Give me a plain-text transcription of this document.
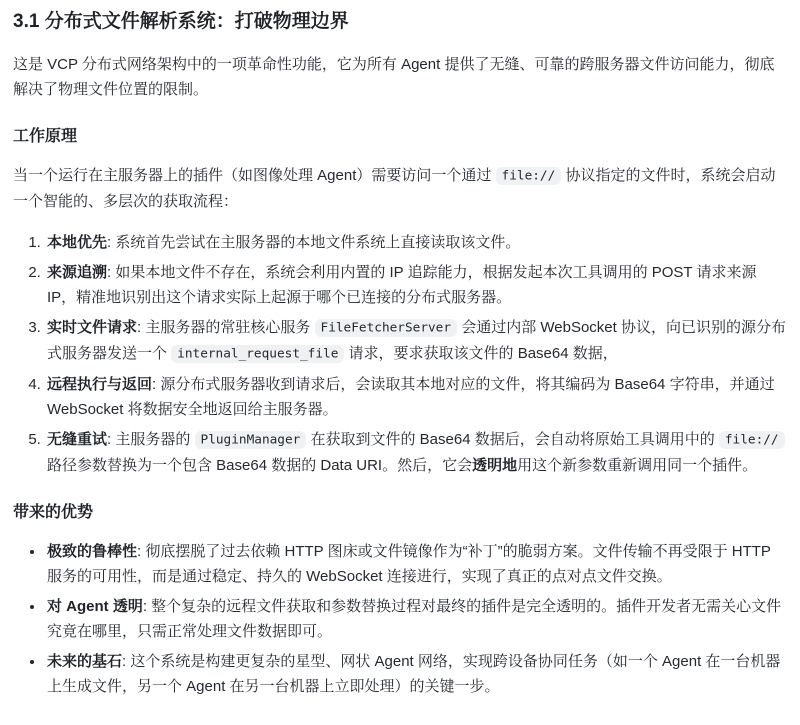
3.1 分布式文件解析系统：打破物理边界

这是 VCP 分布式网络架构中的一项革命性功能，它为所有 Agent 提供了无缝、可靠的跨服务器文件访问能力，彻底解决了物理文件位置的限制。

工作原理

当一个运行在主服务器上的插件（如图像处理 Agent）需要访问一个通过 file:// 协议指定的文件时，系统会启动一个智能的、多层次的获取流程：

1. 本地优先: 系统首先尝试在主服务器的本地文件系统上直接读取该文件。
2. 来源追溯: 如果本地文件不存在，系统会利用内置的 IP 追踪能力，根据发起本次工具调用的 POST 请求来源 IP，精准地识别出这个请求实际上起源于哪个已连接的分布式服务器。
3. 实时文件请求: 主服务器的常驻核心服务 FileFetcherServer 会通过内部 WebSocket 协议，向已识别的源分布式服务器发送一个 internal_request_file 请求，要求获取该文件的 Base64 数据，
4. 远程执行与返回: 源分布式服务器收到请求后，会读取其本地对应的文件，将其编码为 Base64 字符串，并通过 WebSocket 将数据安全地返回给主服务器。
5. 无缝重试: 主服务器的 PluginManager 在获取到文件的 Base64 数据后，会自动将原始工具调用中的 file:// 路径参数替换为一个包含 Base64 数据的 Data URI。然后，它会透明地用这个新参数重新调用同一个插件。
带来的优势
• 极致的鲁棒性: 彻底摆脱了过去依赖 HTTP 图床或文件镜像作为“补丁”的脆弱方案。文件传输不再受限于 HTTP 服务的可用性，而是通过稳定、持久的 WebSocket 连接进行，实现了真正的点对点文件交换。
• 对 Agent 透明: 整个复杂的远程文件获取和参数替换过程对最终的插件是完全透明的。插件开发者无需关心文件究竟在哪里，只需正常处理文件数据即可。
• 未来的基石: 这个系统是构建更复杂的星型、网状 Agent 网络，实现跨设备协同任务（如一个 Agent 在一台机器上生成文件，另一个 Agent 在另一台机器上立即处理）的关键一步。
